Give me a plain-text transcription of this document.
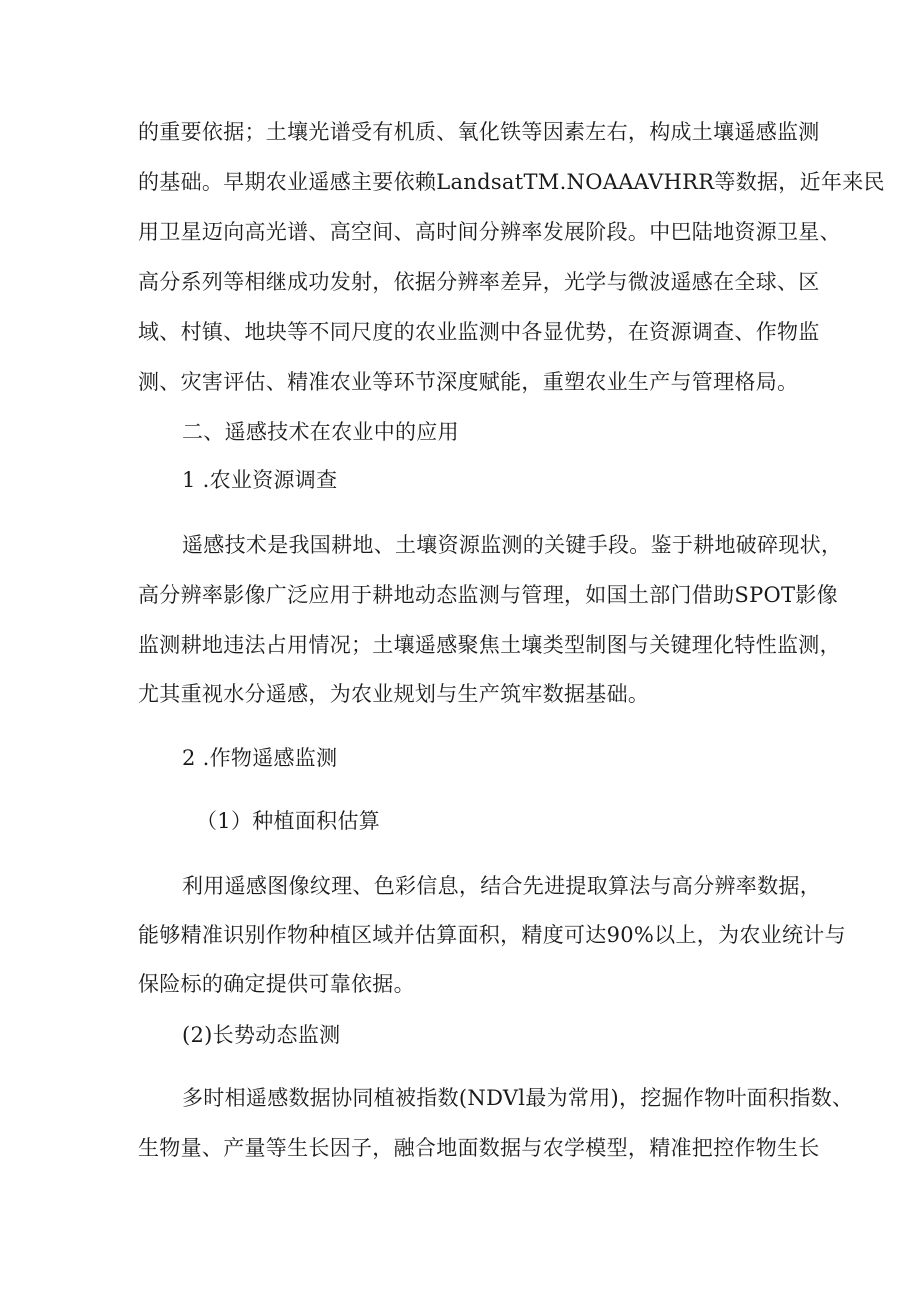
的重要依据；土壤光谱受有机质、氧化铁等因素左右，构成土壤遥感监测
的基础。早期农业遥感主要依赖LandsatTM.NOAAAVHRR等数据，近年来民
用卫星迈向高光谱、高空间、高时间分辨率发展阶段。中巴陆地资源卫星、
高分系列等相继成功发射，依据分辨率差异，光学与微波遥感在全球、区
域、村镇、地块等不同尺度的农业监测中各显优势，在资源调查、作物监
测、灾害评估、精准农业等环节深度赋能，重塑农业生产与管理格局。
二、遥感技术在农业中的应用
1 .农业资源调查
遥感技术是我国耕地、土壤资源监测的关键手段。鉴于耕地破碎现状，
高分辨率影像广泛应用于耕地动态监测与管理，如国土部门借助SPOT影像
监测耕地违法占用情况；土壤遥感聚焦土壤类型制图与关键理化特性监测，
尤其重视水分遥感，为农业规划与生产筑牢数据基础。
2 .作物遥感监测
（1）种植面积估算
利用遥感图像纹理、色彩信息，结合先进提取算法与高分辨率数据，
能够精准识别作物种植区域并估算面积，精度可达90%以上，为农业统计与
保险标的确定提供可靠依据。
(2)长势动态监测
多时相遥感数据协同植被指数(NDVl最为常用)，挖掘作物叶面积指数、
生物量、产量等生长因子，融合地面数据与农学模型，精准把控作物生长
